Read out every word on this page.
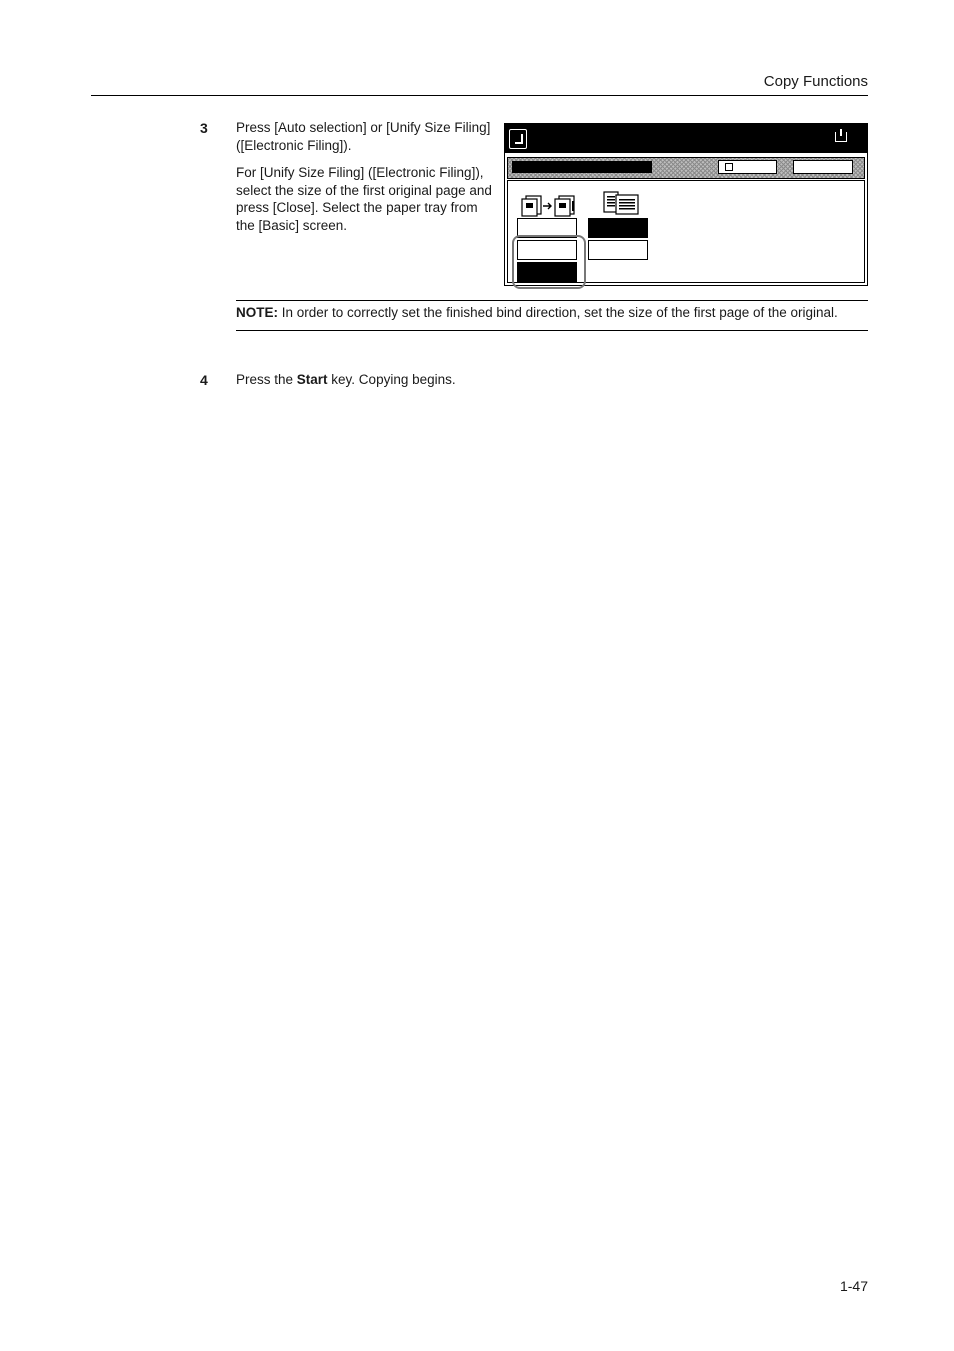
Copy Functions
3 Press [Auto selection] or [Unify Size Filing] ([Electronic Filing]).

For [Unify Size Filing] ([Electronic Filing]), select the size of the first original page and press [Close]. Select the paper tray from the [Basic] screen.

NOTE: In order to correctly set the finished bind direction, set the size of the first page of the original.
4 Press the Start key. Copying begins.
1-47
